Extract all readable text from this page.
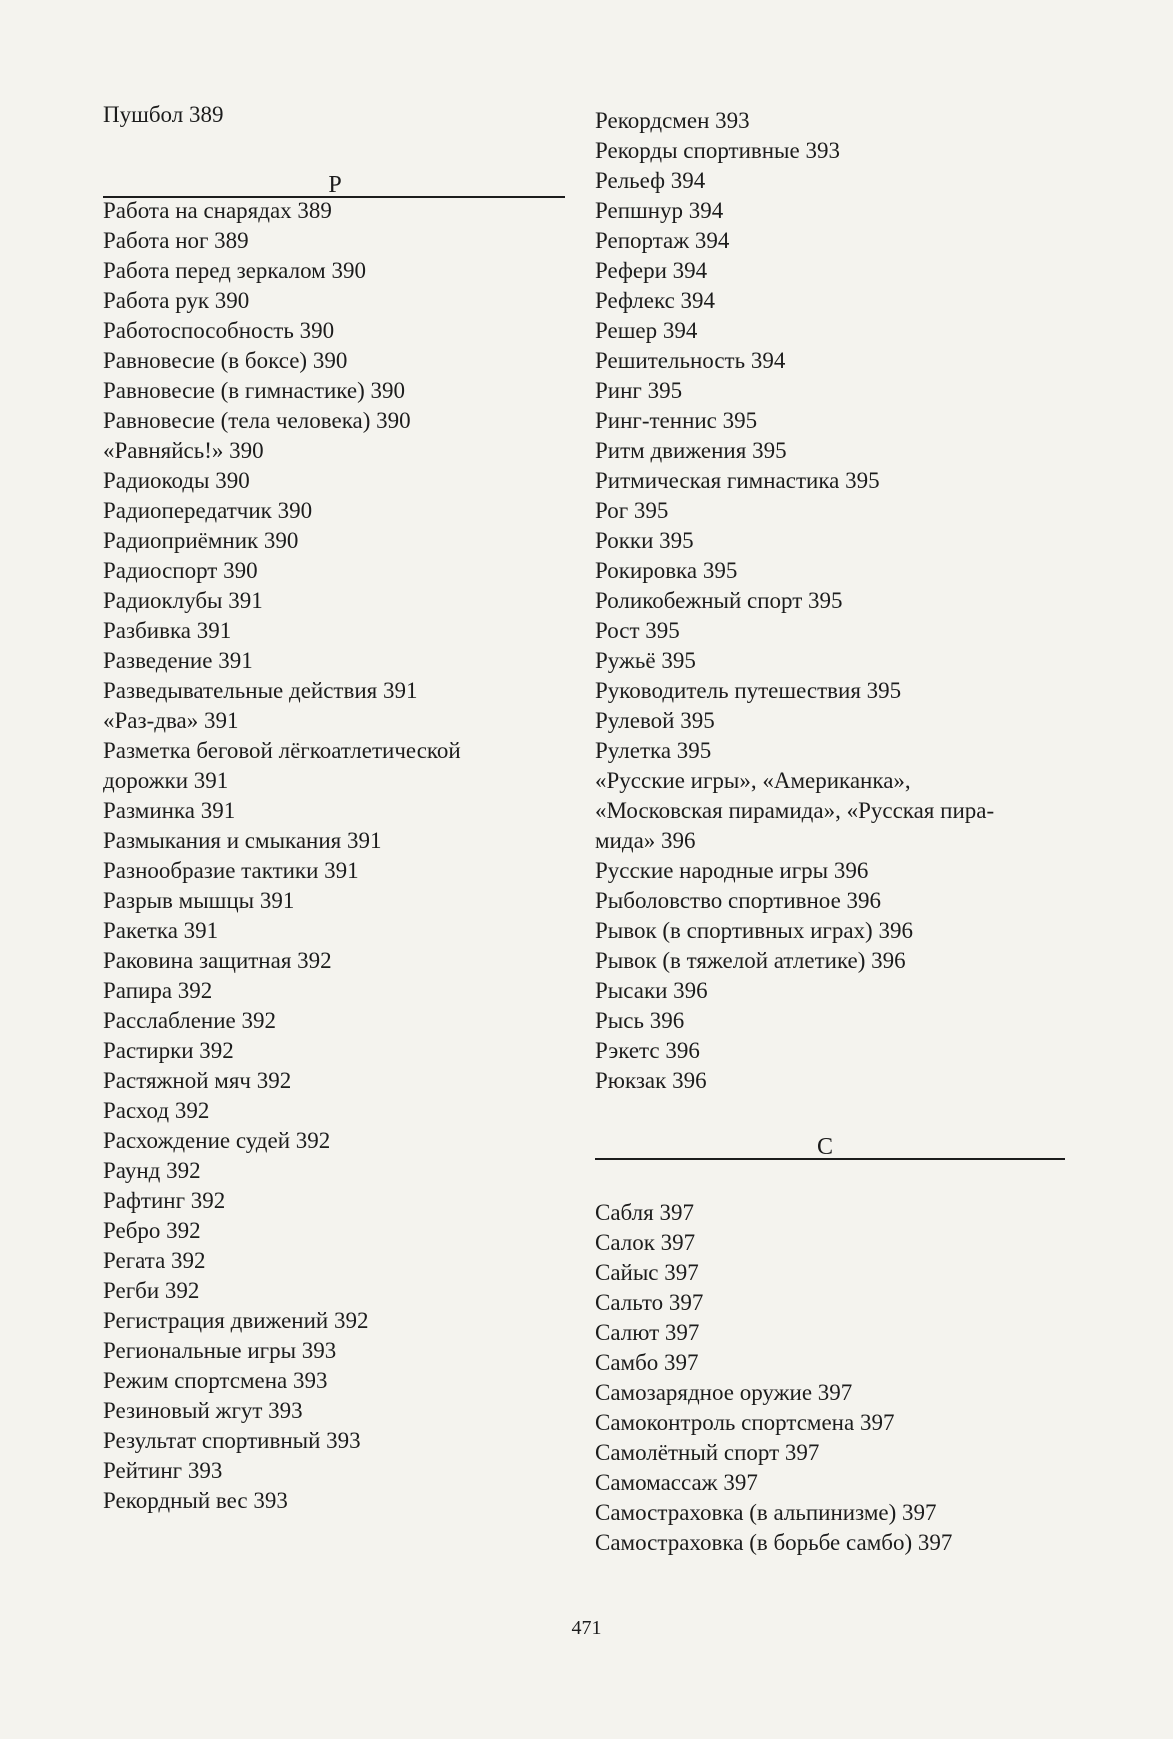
Пушбол 389
Р
Работа на снарядах 389
Работа ног 389
Работа перед зеркалом 390
Работа рук 390
Работоспособность 390
Равновесие (в боксе) 390
Равновесие (в гимнастике) 390
Равновесие (тела человека) 390
«Равняйсь!» 390
Радиокоды 390
Радиопередатчик 390
Радиоприёмник 390
Радиоспорт 390
Радиоклубы 391
Разбивка 391
Разведение 391
Разведывательные действия 391
«Раз-два» 391
Разметка беговой лёгкоатлетической
дорожки 391
Разминка 391
Размыкания и смыкания 391
Разнообразие тактики 391
Разрыв мышцы 391
Ракетка 391
Раковина защитная 392
Рапира 392
Расслабление 392
Растирки 392
Растяжной мяч 392
Расход 392
Расхождение судей 392
Раунд 392
Рафтинг 392
Ребро 392
Регата 392
Регби 392
Регистрация движений 392
Региональные игры 393
Режим спортсмена 393
Резиновый жгут 393
Результат спортивный 393
Рейтинг 393
Рекордный вес 393
С
Рекордсмен 393
Рекорды спортивные 393
Рельеф 394
Репшнур 394
Репортаж 394
Рефери 394
Рефлекс 394
Решер 394
Решительность 394
Ринг 395
Ринг-теннис 395
Ритм движения 395
Ритмическая гимнастика 395
Рог 395
Рокки 395
Рокировка 395
Роликобежный спорт 395
Рост 395
Ружьё 395
Руководитель путешествия 395
Рулевой 395
Рулетка 395
«Русские игры», «Американка»,
«Московская пирамида», «Русская пира-
мида» 396
Русские народные игры 396
Рыболовство спортивное 396
Рывок (в спортивных играх) 396
Рывок (в тяжелой атлетике) 396
Рысаки 396
Рысь 396
Рэкетс 396
Рюкзак 396
Сабля 397
Салок 397
Сайыс 397
Сальто 397
Салют 397
Самбо 397
Самозарядное оружие 397
Самоконтроль спортсмена 397
Самолётный спорт 397
Самомассаж 397
Самостраховка (в альпинизме) 397
Самостраховка (в борьбе самбо) 397
471
